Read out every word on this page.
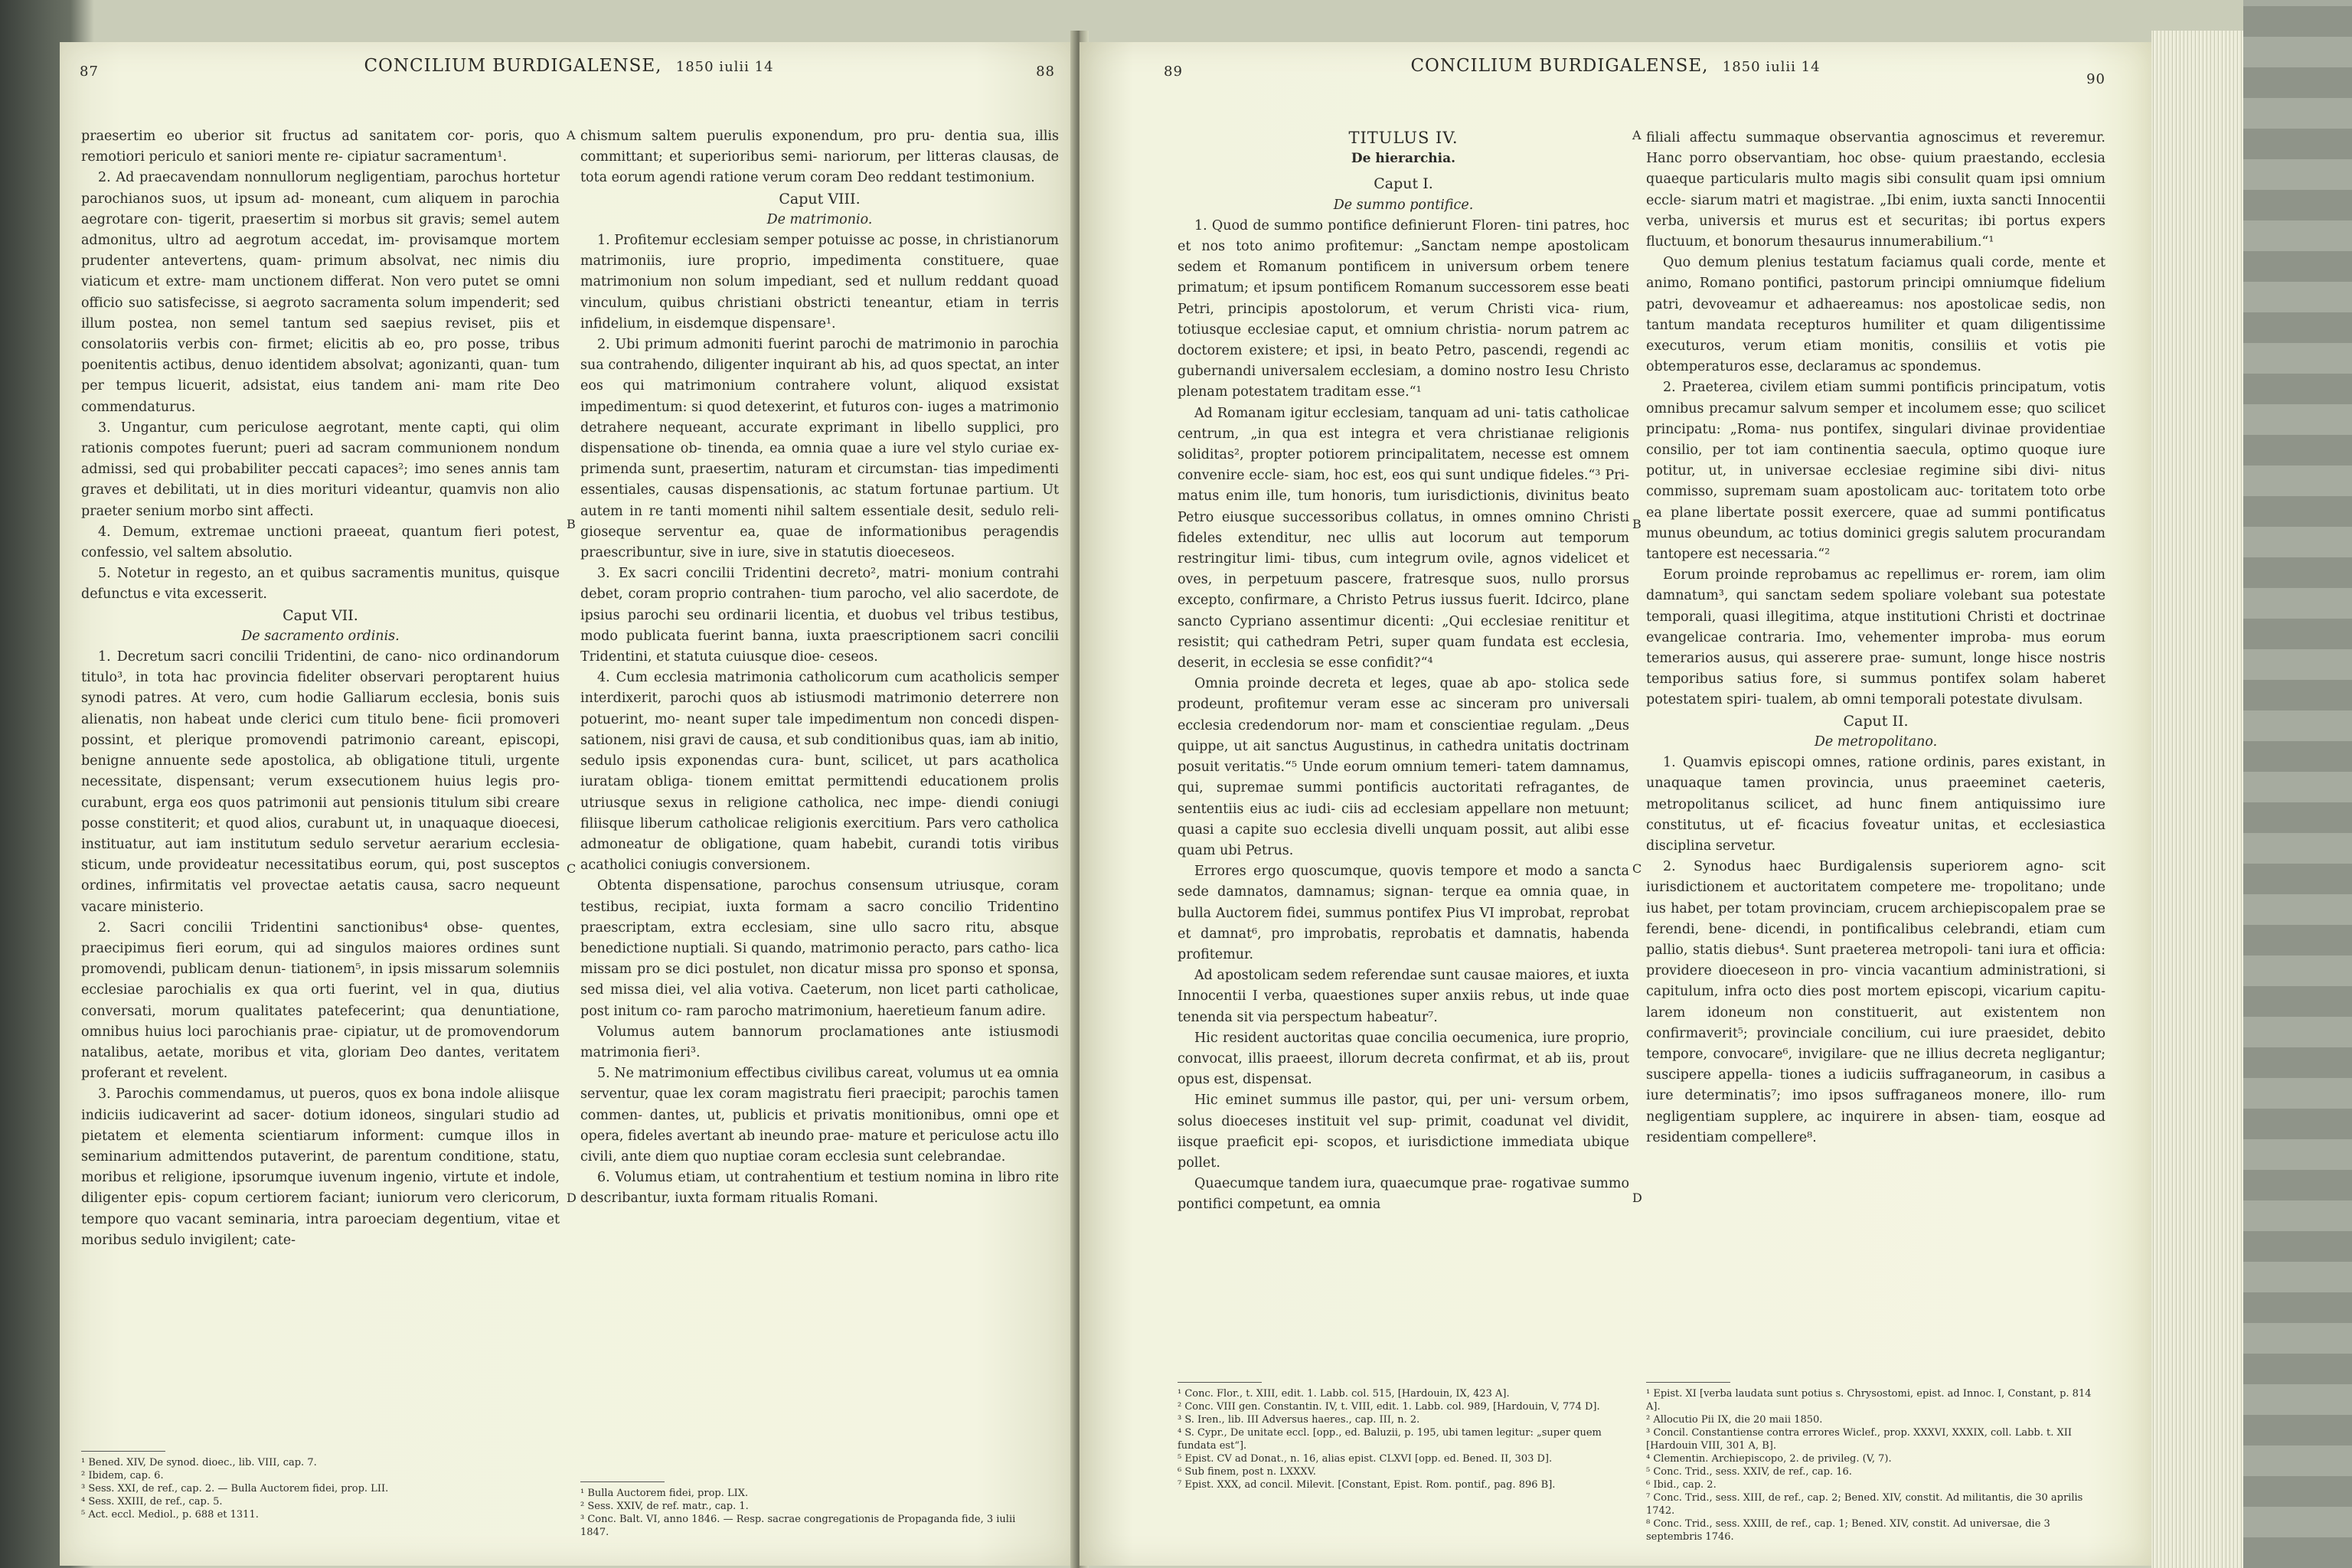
87	CONCILIUM BURDIGALENSE, 1850 iulii 14	88

praesertim eo uberior sit fructus ad sanitatem cor- poris, quo remotiori periculo et saniori mente re- cipiatur sacramentum¹.

2. Ad praecavendam nonnullorum negligentiam, parochus hortetur parochianos suos, ut ipsum ad- moneant, cum aliquem in parochia aegrotare con- tigerit, praesertim si morbus sit gravis; semel autem admonitus, ultro ad aegrotum accedat, im- provisamque mortem prudenter antevertens, quam- primum absolvat, nec nimis diu viaticum et extre- mam unctionem differat. Non vero putet se omni officio suo satisfecisse, si aegroto sacramenta solum impenderit; sed illum postea, non semel tantum sed saepius reviset, piis et consolatoriis verbis con- firmet; elicitis ab eo, pro posse, tribus poenitentis actibus, denuo identidem absolvat; agonizanti, quan- tum per tempus licuerit, adsistat, eius tandem ani- mam rite Deo commendaturus.

3. Ungantur, cum periculose aegrotant, mente capti, qui olim rationis compotes fuerunt; pueri ad sacram communionem nondum admissi, sed qui probabiliter peccati capaces²; imo senes annis tam graves et debilitati, ut in dies morituri videantur, quamvis non alio praeter senium morbo sint affecti.

4. Demum, extremae unctioni praeeat, quantum fieri potest, confessio, vel saltem absolutio.

5. Notetur in regesto, an et quibus sacramentis munitus, quisque defunctus e vita excesserit.

Caput VII.

De sacramento ordinis.

1. Decretum sacri concilii Tridentini, de cano- nico ordinandorum titulo³, in tota hac provincia fideliter observari peroptarent huius synodi patres. At vero, cum hodie Galliarum ecclesia, bonis suis alienatis, non habeat unde clerici cum titulo bene- ficii promoveri possint, et plerique promovendi patrimonio careant, episcopi, benigne annuente sede apostolica, ab obligatione tituli, urgente necessitate, dispensant; verum exsecutionem huius legis pro- curabunt, erga eos quos patrimonii aut pensionis titulum sibi creare posse constiterit; et quod alios, curabunt ut, in unaquaque dioecesi, instituatur, aut iam institutum sedulo servetur aerarium ecclesia- sticum, unde provideatur necessitatibus eorum, qui, post susceptos ordines, infirmitatis vel provectae aetatis causa, sacro nequeunt vacare ministerio.

2. Sacri concilii Tridentini sanctionibus⁴ obse- quentes, praecipimus fieri eorum, qui ad singulos maiores ordines sunt promovendi, publicam denun- tiationem⁵, in ipsis missarum solemniis ecclesiae parochialis ex qua orti fuerint, vel in qua, diutius conversati, morum qualitates patefecerint; qua denuntiatione, omnibus huius loci parochianis prae- cipiatur, ut de promovendorum natalibus, aetate, moribus et vita, gloriam Deo dantes, veritatem proferant et revelent.

3. Parochis commendamus, ut pueros, quos ex bona indole aliisque indiciis iudicaverint ad sacer- dotium idoneos, singulari studio ad pietatem et elementa scientiarum informent: cumque illos in seminarium admittendos putaverint, de parentum conditione, statu, moribus et religione, ipsorumque iuvenum ingenio, virtute et indole, diligenter epis- copum certiorem faciant; iuniorum vero clericorum, tempore quo vacant seminaria, intra paroeciam degentium, vitae et moribus sedulo invigilent; cate-

¹ Bened. XIV, De synod. dioec., lib. VIII, cap. 7.
² Ibidem, cap. 6.
³ Sess. XXI, de ref., cap. 2. — Bulla Auctorem fidei, prop. LII.
⁴ Sess. XXIII, de ref., cap. 5.
⁵ Act. eccl. Mediol., p. 688 et 1311.
A
B
C
D

chismum saltem puerulis exponendum, pro pru- dentia sua, illis committant; et superioribus semi- nariorum, per litteras clausas, de tota eorum agendi ratione verum coram Deo reddant testimonium.

Caput VIII.

De matrimonio.

1. Profitemur ecclesiam semper potuisse ac posse, in christianorum matrimoniis, iure proprio, impedimenta constituere, quae matrimonium non solum impediant, sed et nullum reddant quoad vinculum, quibus christiani obstricti teneantur, etiam in terris infidelium, in eisdemque dispensare¹.

2. Ubi primum admoniti fuerint parochi de matrimonio in parochia sua contrahendo, diligenter inquirant ab his, ad quos spectat, an inter eos qui matrimonium contrahere volunt, aliquod exsistat impedimentum: si quod detexerint, et futuros con- iuges a matrimonio detrahere nequeant, accurate exprimant in libello supplici, pro dispensatione ob- tinenda, ea omnia quae a iure vel stylo curiae ex- primenda sunt, praesertim, naturam et circumstan- tias impedimenti essentiales, causas dispensationis, ac statum fortunae partium. Ut autem in re tanti momenti nihil saltem essentiale desit, sedulo reli- gioseque serventur ea, quae de informationibus peragendis praescribuntur, sive in iure, sive in statutis dioeceseos.

3. Ex sacri concilii Tridentini decreto², matri- monium contrahi debet, coram proprio contrahen- tium parocho, vel alio sacerdote, de ipsius parochi seu ordinarii licentia, et duobus vel tribus testibus, modo publicata fuerint banna, iuxta praescriptionem sacri concilii Tridentini, et statuta cuiusque dioe- ceseos.

4. Cum ecclesia matrimonia catholicorum cum acatholicis semper interdixerit, parochi quos ab istiusmodi matrimonio deterrere non potuerint, mo- neant super tale impedimentum non concedi dispen- sationem, nisi gravi de causa, et sub conditionibus quas, iam ab initio, sedulo ipsis exponendas cura- bunt, scilicet, ut pars acatholica iuratam obliga- tionem emittat permittendi educationem prolis utriusque sexus in religione catholica, nec impe- diendi coniugi filiisque liberum catholicae religionis exercitium. Pars vero catholica admoneatur de obligatione, quam habebit, curandi totis viribus acatholici coniugis conversionem.

Obtenta dispensatione, parochus consensum utriusque, coram testibus, recipiat, iuxta formam a sacro concilio Tridentino praescriptam, extra ecclesiam, sine ullo sacro ritu, absque benedictione nuptiali. Si quando, matrimonio peracto, pars catho- lica missam pro se dici postulet, non dicatur missa pro sponso et sponsa, sed missa diei, vel alia votiva. Caeterum, non licet parti catholicae, post initum co- ram parocho matrimonium, haeretieum fanum adire.

Volumus autem bannorum proclamationes ante istiusmodi matrimonia fieri³.

5. Ne matrimonium effectibus civilibus careat, volumus ut ea omnia serventur, quae lex coram magistratu fieri praecipit; parochis tamen commen- dantes, ut, publicis et privatis monitionibus, omni ope et opera, fideles avertant ab ineundo prae- mature et periculose actu illo civili, ante diem quo nuptiae coram ecclesia sunt celebrandae.

6. Volumus etiam, ut contrahentium et testium nomina in libro rite describantur, iuxta formam ritualis Romani.

¹ Bulla Auctorem fidei, prop. LIX.
² Sess. XXIV, de ref. matr., cap. 1.
³ Conc. Balt. VI, anno 1846. — Resp. sacrae congregationis de Propaganda fide, 3 iulii 1847.
89	CONCILIUM BURDIGALENSE, 1850 iulii 14
90

TITULUS IV.

De hierarchia.

Caput I.

De summo pontifice.

1. Quod de summo pontifice definierunt Floren- tini patres, hoc et nos toto animo profitemur: „Sanctam nempe apostolicam sedem et Romanum pontificem in universum orbem tenere primatum; et ipsum pontificem Romanum successorem esse beati Petri, principis apostolorum, et verum Christi vica- rium, totiusque ecclesiae caput, et omnium christia- norum patrem ac doctorem existere; et ipsi, in beato Petro, pascendi, regendi ac gubernandi universalem ecclesiam, a domino nostro Iesu Christo plenam potestatem traditam esse.“¹

Ad Romanam igitur ecclesiam, tanquam ad uni- tatis catholicae centrum, „in qua est integra et vera christianae religionis soliditas², propter potiorem principalitatem, necesse est omnem convenire eccle- siam, hoc est, eos qui sunt undique fideles.“³ Pri- matus enim ille, tum honoris, tum iurisdictionis, divinitus beato Petro eiusque successoribus collatus, in omnes omnino Christi fideles extenditur, nec ullis aut locorum aut temporum restringitur limi- tibus, cum integrum ovile, agnos videlicet et oves, in perpetuum pascere, fratresque suos, nullo prorsus excepto, confirmare, a Christo Petrus iussus fuerit. Idcirco, plane sancto Cypriano assentimur dicenti: „Qui ecclesiae renititur et resistit; qui cathedram Petri, super quam fundata est ecclesia, deserit, in ecclesia se esse confidit?“⁴

Omnia proinde decreta et leges, quae ab apo- stolica sede prodeunt, profitemur veram esse ac sinceram pro universali ecclesia credendorum nor- mam et conscientiae regulam. „Deus quippe, ut ait sanctus Augustinus, in cathedra unitatis doctrinam posuit veritatis.“⁵ Unde eorum omnium temeri- tatem damnamus, qui, supremae summi pontificis auctoritati refragantes, de sententiis eius ac iudi- ciis ad ecclesiam appellare non metuunt; quasi a capite suo ecclesia divelli unquam possit, aut alibi esse quam ubi Petrus.

Errores ergo quoscumque, quovis tempore et modo a sancta sede damnatos, damnamus; signan- terque ea omnia quae, in bulla Auctorem fidei, summus pontifex Pius VI improbat, reprobat et damnat⁶, pro improbatis, reprobatis et damnatis, habenda profitemur.

Ad apostolicam sedem referendae sunt causae maiores, et iuxta Innocentii I verba, quaestiones super anxiis rebus, ut inde quae tenenda sit via perspectum habeatur⁷.

Hic resident auctoritas quae concilia oecumenica, iure proprio, convocat, illis praeest, illorum decreta confirmat, et ab iis, prout opus est, dispensat.

Hic eminet summus ille pastor, qui, per uni- versum orbem, solus dioeceses instituit vel sup- primit, coadunat vel dividit, iisque praeficit epi- scopos, et iurisdictione immediata ubique pollet.

Quaecumque tandem iura, quaecumque prae- rogativae summo pontifici competunt, ea omnia

¹ Conc. Flor., t. XIII, edit. 1. Labb. col. 515, [Hardouin, IX, 423 A].
² Conc. VIII gen. Constantin. IV, t. VIII, edit. 1. Labb. col. 989, [Hardouin, V, 774 D].
³ S. Iren., lib. III Adversus haeres., cap. III, n. 2.
⁴ S. Cypr., De unitate eccl. [opp., ed. Baluzii, p. 195, ubi tamen legitur: „super quem fundata est“].
⁵ Epist. CV ad Donat., n. 16, alias epist. CLXVI [opp. ed. Bened. II, 303 D].
⁶ Sub finem, post n. LXXXV.
⁷ Epist. XXX, ad concil. Milevit. [Constant, Epist. Rom. pontif., pag. 896 B].
A
B
C
D

filiali affectu summaque observantia agnoscimus et reveremur. Hanc porro observantiam, hoc obse- quium praestando, ecclesia quaeque particularis multo magis sibi consulit quam ipsi omnium eccle- siarum matri et magistrae. „Ibi enim, iuxta sancti Innocentii verba, universis et murus est et securitas; ibi portus expers fluctuum, et bonorum thesaurus innumerabilium.“¹

Quo demum plenius testatum faciamus quali corde, mente et animo, Romano pontifici, pastorum principi omniumque fidelium patri, devoveamur et adhaereamus: nos apostolicae sedis, non tantum mandata recepturos humiliter et quam diligentissime executuros, verum etiam monitis, consiliis et votis pie obtemperaturos esse, declaramus ac spondemus.

2. Praeterea, civilem etiam summi pontificis principatum, votis omnibus precamur salvum semper et incolumem esse; quo scilicet principatu: „Roma- nus pontifex, singulari divinae providentiae consilio, per tot iam continentia saecula, optimo quoque iure potitur, ut, in universae ecclesiae regimine sibi divi- nitus commisso, supremam suam apostolicam auc- toritatem toto orbe ea plane libertate possit exercere, quae ad summi pontificatus munus obeundum, ac totius dominici gregis salutem procurandam tantopere est necessaria.“²

Eorum proinde reprobamus ac repellimus er- rorem, iam olim damnatum³, qui sanctam sedem spoliare volebant sua potestate temporali, quasi illegitima, atque institutioni Christi et doctrinae evangelicae contraria. Imo, vehementer improba- mus eorum temerarios ausus, qui asserere prae- sumunt, longe hisce nostris temporibus satius fore, si summus pontifex solam haberet potestatem spiri- tualem, ab omni temporali potestate divulsam.

Caput II.

De metropolitano.

1. Quamvis episcopi omnes, ratione ordinis, pares existant, in unaquaque tamen provincia, unus praeeminet caeteris, metropolitanus scilicet, ad hunc finem antiquissimo iure constitutus, ut ef- ficacius foveatur unitas, et ecclesiastica disciplina servetur.

2. Synodus haec Burdigalensis superiorem agno- scit iurisdictionem et auctoritatem competere me- tropolitano; unde ius habet, per totam provinciam, crucem archiepiscopalem prae se ferendi, bene- dicendi, in pontificalibus celebrandi, etiam cum pallio, statis diebus⁴. Sunt praeterea metropoli- tani iura et officia: providere dioeceseon in pro- vincia vacantium administrationi, si capitulum, infra octo dies post mortem episcopi, vicarium capitu- larem idoneum non constituerit, aut existentem non confirmaverit⁵; provinciale concilium, cui iure praesidet, debito tempore, convocare⁶, invigilare- que ne illius decreta negligantur; suscipere appella- tiones a iudiciis suffraganeorum, in casibus a iure determinatis⁷; imo ipsos suffraganeos monere, illo- rum negligentiam supplere, ac inquirere in absen- tiam, eosque ad residentiam compellere⁸.

¹ Epist. XI [verba laudata sunt potius s. Chrysostomi, epist. ad Innoc. I, Constant, p. 814 A].
² Allocutio Pii IX, die 20 maii 1850.
³ Concil. Constantiense contra errores Wiclef., prop. XXXVI, XXXIX, coll. Labb. t. XII [Hardouin VIII, 301 A, B].
⁴ Clementin. Archiepiscopo, 2. de privileg. (V, 7).
⁵ Conc. Trid., sess. XXIV, de ref., cap. 16.
⁶ Ibid., cap. 2.
⁷ Conc. Trid., sess. XIII, de ref., cap. 2; Bened. XIV, constit. Ad militantis, die 30 aprilis 1742.
⁸ Conc. Trid., sess. XXIII, de ref., cap. 1; Bened. XIV, constit. Ad universae, die 3 septembris 1746.
